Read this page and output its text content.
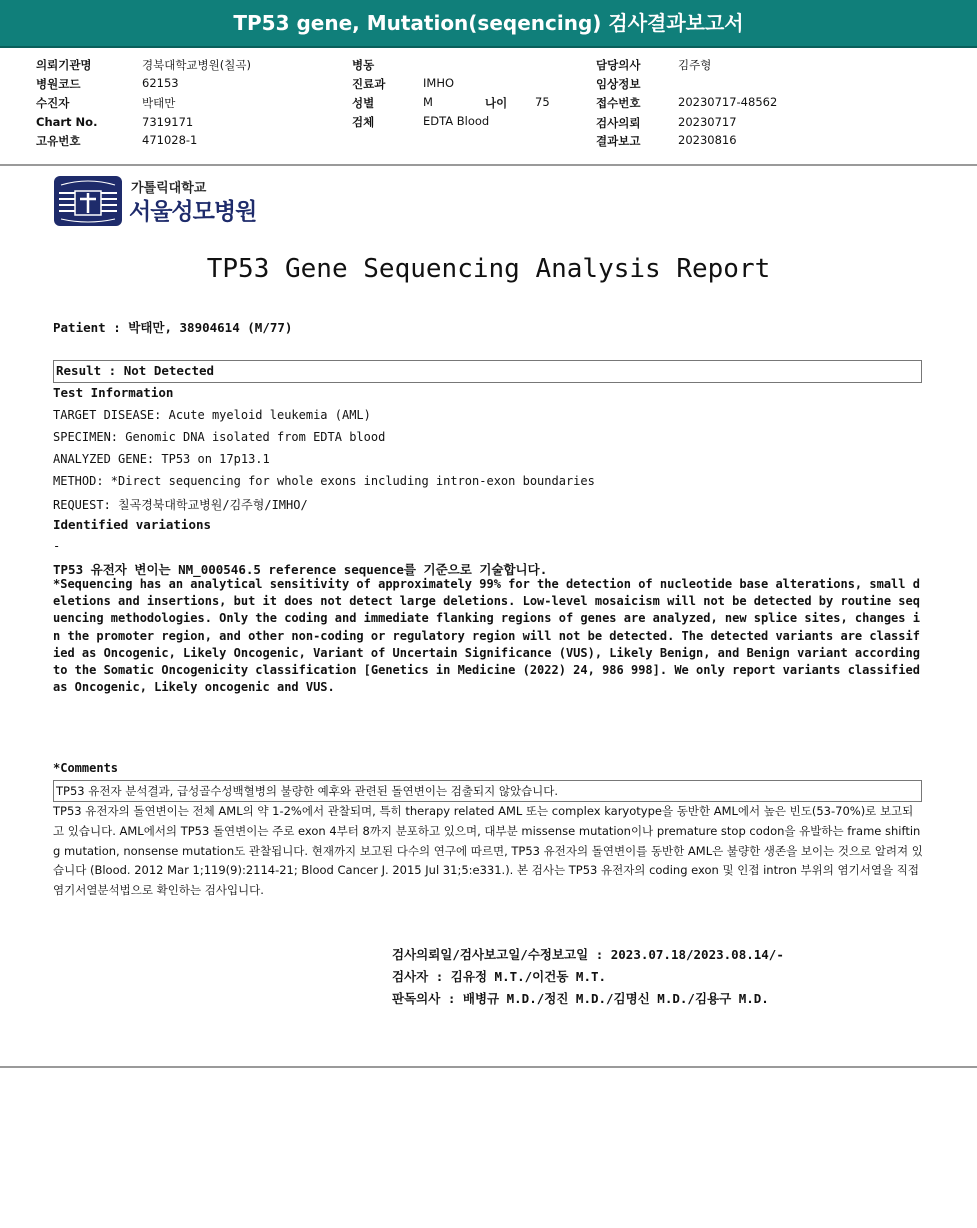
TP53 gene, Mutation(seqencing) 검사결과보고서
의뢰기관명	경북대학교병원(칠곡)
병원코드	62153
수진자	박태만
Chart No.	7319171
고유번호	471028-1
병동
진료과	IMHO
성별	M	나이 75
검체	EDTA Blood
담당의사	김주형
임상정보
접수번호	20230717-48562
검사의뢰	20230717
결과보고	20230816
가톨릭대학교
서울성모병원
TP53 Gene Sequencing Analysis Report
Patient : 박태만, 38904614 (M/77)
Result : Not Detected
Test Information
TARGET DISEASE: Acute myeloid leukemia (AML)
SPECIMEN: Genomic DNA isolated from EDTA blood
ANALYZED GENE: TP53 on 17p13.1
METHOD: *Direct sequencing for whole exons including intron-exon boundaries
REQUEST: 칠곡경북대학교병원/김주형/IMHO/
Identified variations
-
TP53 유전자 변이는 NM_000546.5 reference sequence를 기준으로 기술합니다.
*Sequencing has an analytical sensitivity of approximately 99% for the detection of nucleotide base alterations, small deletions and insertions, but it does not detect large deletions. Low-level mosaicism will not be detected by routine sequencing methodologies. Only the coding and immediate flanking regions of genes are analyzed, new splice sites, changes in the promoter region, and other non-coding or regulatory region will not be detected. The detected variants are classified as Oncogenic, Likely Oncogenic, Variant of Uncertain Significance (VUS), Likely Benign, and Benign variant according to the Somatic Oncogenicity classification [Genetics in Medicine (2022) 24, 986 998]. We only report variants classified as Oncogenic, Likely oncogenic and VUS.
*Comments
TP53 유전자 분석결과, 급성골수성백혈병의 불량한 예후와 관련된 돌연변이는 검출되지 않았습니다.
TP53 유전자의 돌연변이는 전체 AML의 약 1-2%에서 관찰되며, 특히 therapy related AML 또는 complex karyotype을 동반한 AML에서 높은 빈도(53-70%)로 보고되고 있습니다. AML에서의 TP53 돌연변이는 주로 exon 4부터 8까지 분포하고 있으며, 대부분 missense mutation이나 premature stop codon을 유발하는 frame shifting mutation, nonsense mutation도 관찰됩니다. 현재까지 보고된 다수의 연구에 따르면, TP53 유전자의 돌연변이를 동반한 AML은 불량한 생존을 보이는 것으로 알려져 있습니다 (Blood. 2012 Mar 1;119(9):2114-21; Blood Cancer J. 2015 Jul 31;5:e331.). 본 검사는 TP53 유전자의 coding exon 및 인접 intron 부위의 염기서열을 직접염기서열분석법으로 확인하는 검사입니다.
검사의뢰일/검사보고일/수정보고일 : 2023.07.18/2023.08.14/-
검사자 : 김유정 M.T./이건동 M.T.
판독의사 : 배병규 M.D./정진 M.D./김명신 M.D./김용구 M.D.
